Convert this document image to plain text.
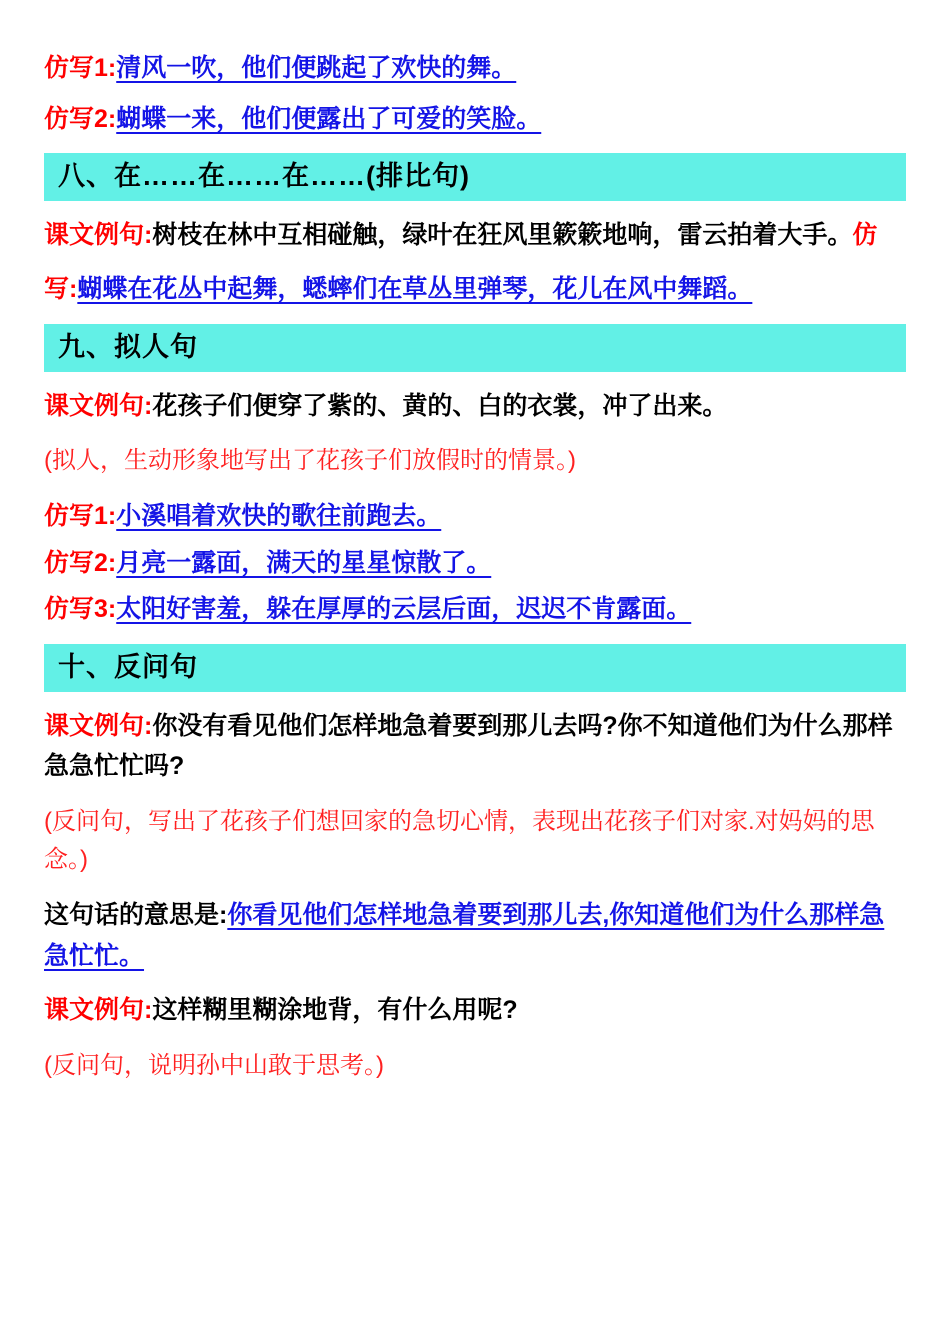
仿写1:清风一吹，他们便跳起了欢快的舞。
仿写2:蝴蝶一来，他们便露出了可爱的笑脸。
八、在……在……在……(排比句)
课文例句:树枝在林中互相碰触，绿叶在狂风里簌簌地响，雷云拍着大手。仿
写:蝴蝶在花丛中起舞，蟋蟀们在草丛里弹琴，花儿在风中舞蹈。
九、拟人句
课文例句:花孩子们便穿了紫的、黄的、白的衣裳，冲了出来。
(拟人，生动形象地写出了花孩子们放假时的情景。)
仿写1:小溪唱着欢快的歌往前跑去。
仿写2:月亮一露面，满天的星星惊散了。
仿写3:太阳好害羞，躲在厚厚的云层后面，迟迟不肯露面。
十、反问句
课文例句:你没有看见他们怎样地急着要到那儿去吗?你不知道他们为什么那样急急忙忙吗?
(反问句，写出了花孩子们想回家的急切心情，表现出花孩子们对家.对妈妈的思念。)
这句话的意思是:你看见他们怎样地急着要到那儿去,你知道他们为什么那样急急忙忙。
课文例句:这样糊里糊涂地背，有什么用呢?
(反问句，说明孙中山敢于思考。)
